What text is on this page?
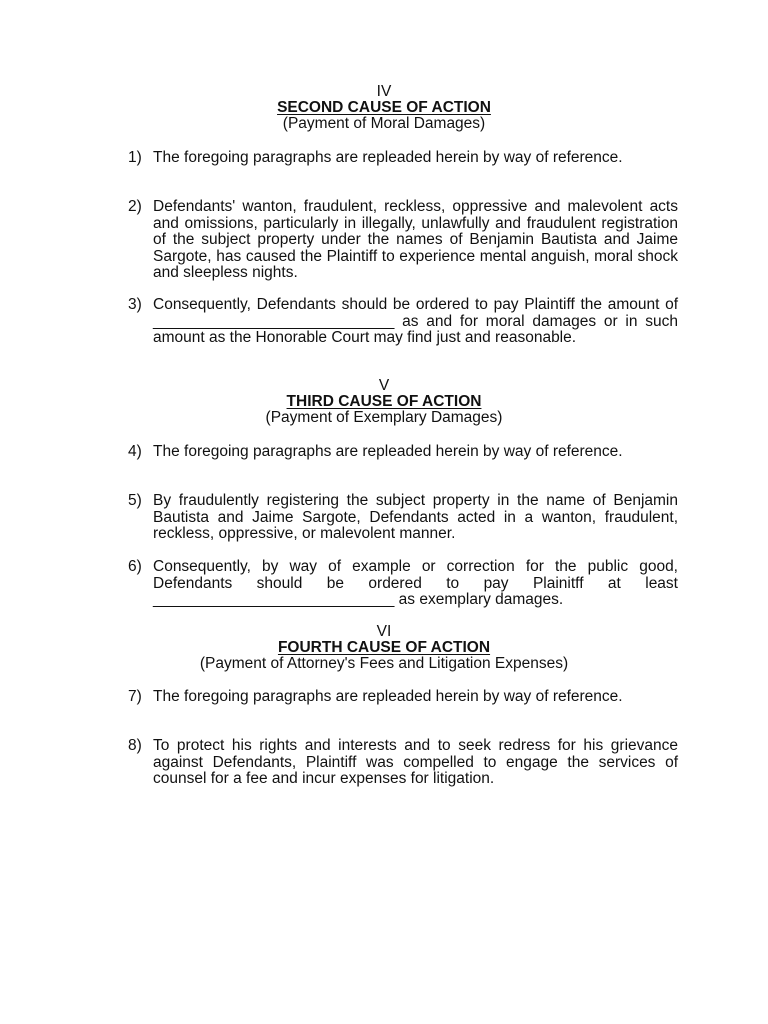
IV
SECOND CAUSE OF ACTION
(Payment of Moral Damages)
1) The foregoing paragraphs are repleaded herein by way of reference.
2) Defendants' wanton, fraudulent, reckless, oppressive and malevolent acts and omissions, particularly in illegally, unlawfully and fraudulent registration of the subject property under the names of Benjamin Bautista and Jaime Sargote, has caused the Plaintiff to experience mental anguish, moral shock and sleepless nights.
3) Consequently, Defendants should be ordered to pay Plaintiff the amount of ____________________________ as and for moral damages or in such amount as the Honorable Court may find just and reasonable.
V
THIRD CAUSE OF ACTION
(Payment of Exemplary Damages)
4) The foregoing paragraphs are repleaded herein by way of reference.
5) By fraudulently registering the subject property in the name of Benjamin Bautista and Jaime Sargote, Defendants acted in a wanton, fraudulent, reckless, oppressive, or malevolent manner.
6) Consequently, by way of example or correction for the public good, Defendants should be ordered to pay Plainitff at least ____________________________ as exemplary damages.
VI
FOURTH CAUSE OF ACTION
(Payment of Attorney's Fees and Litigation Expenses)
7) The foregoing paragraphs are repleaded herein by way of reference.
8) To protect his rights and interests and to seek redress for his grievance against Defendants, Plaintiff was compelled to engage the services of counsel for a fee and incur expenses for litigation.
